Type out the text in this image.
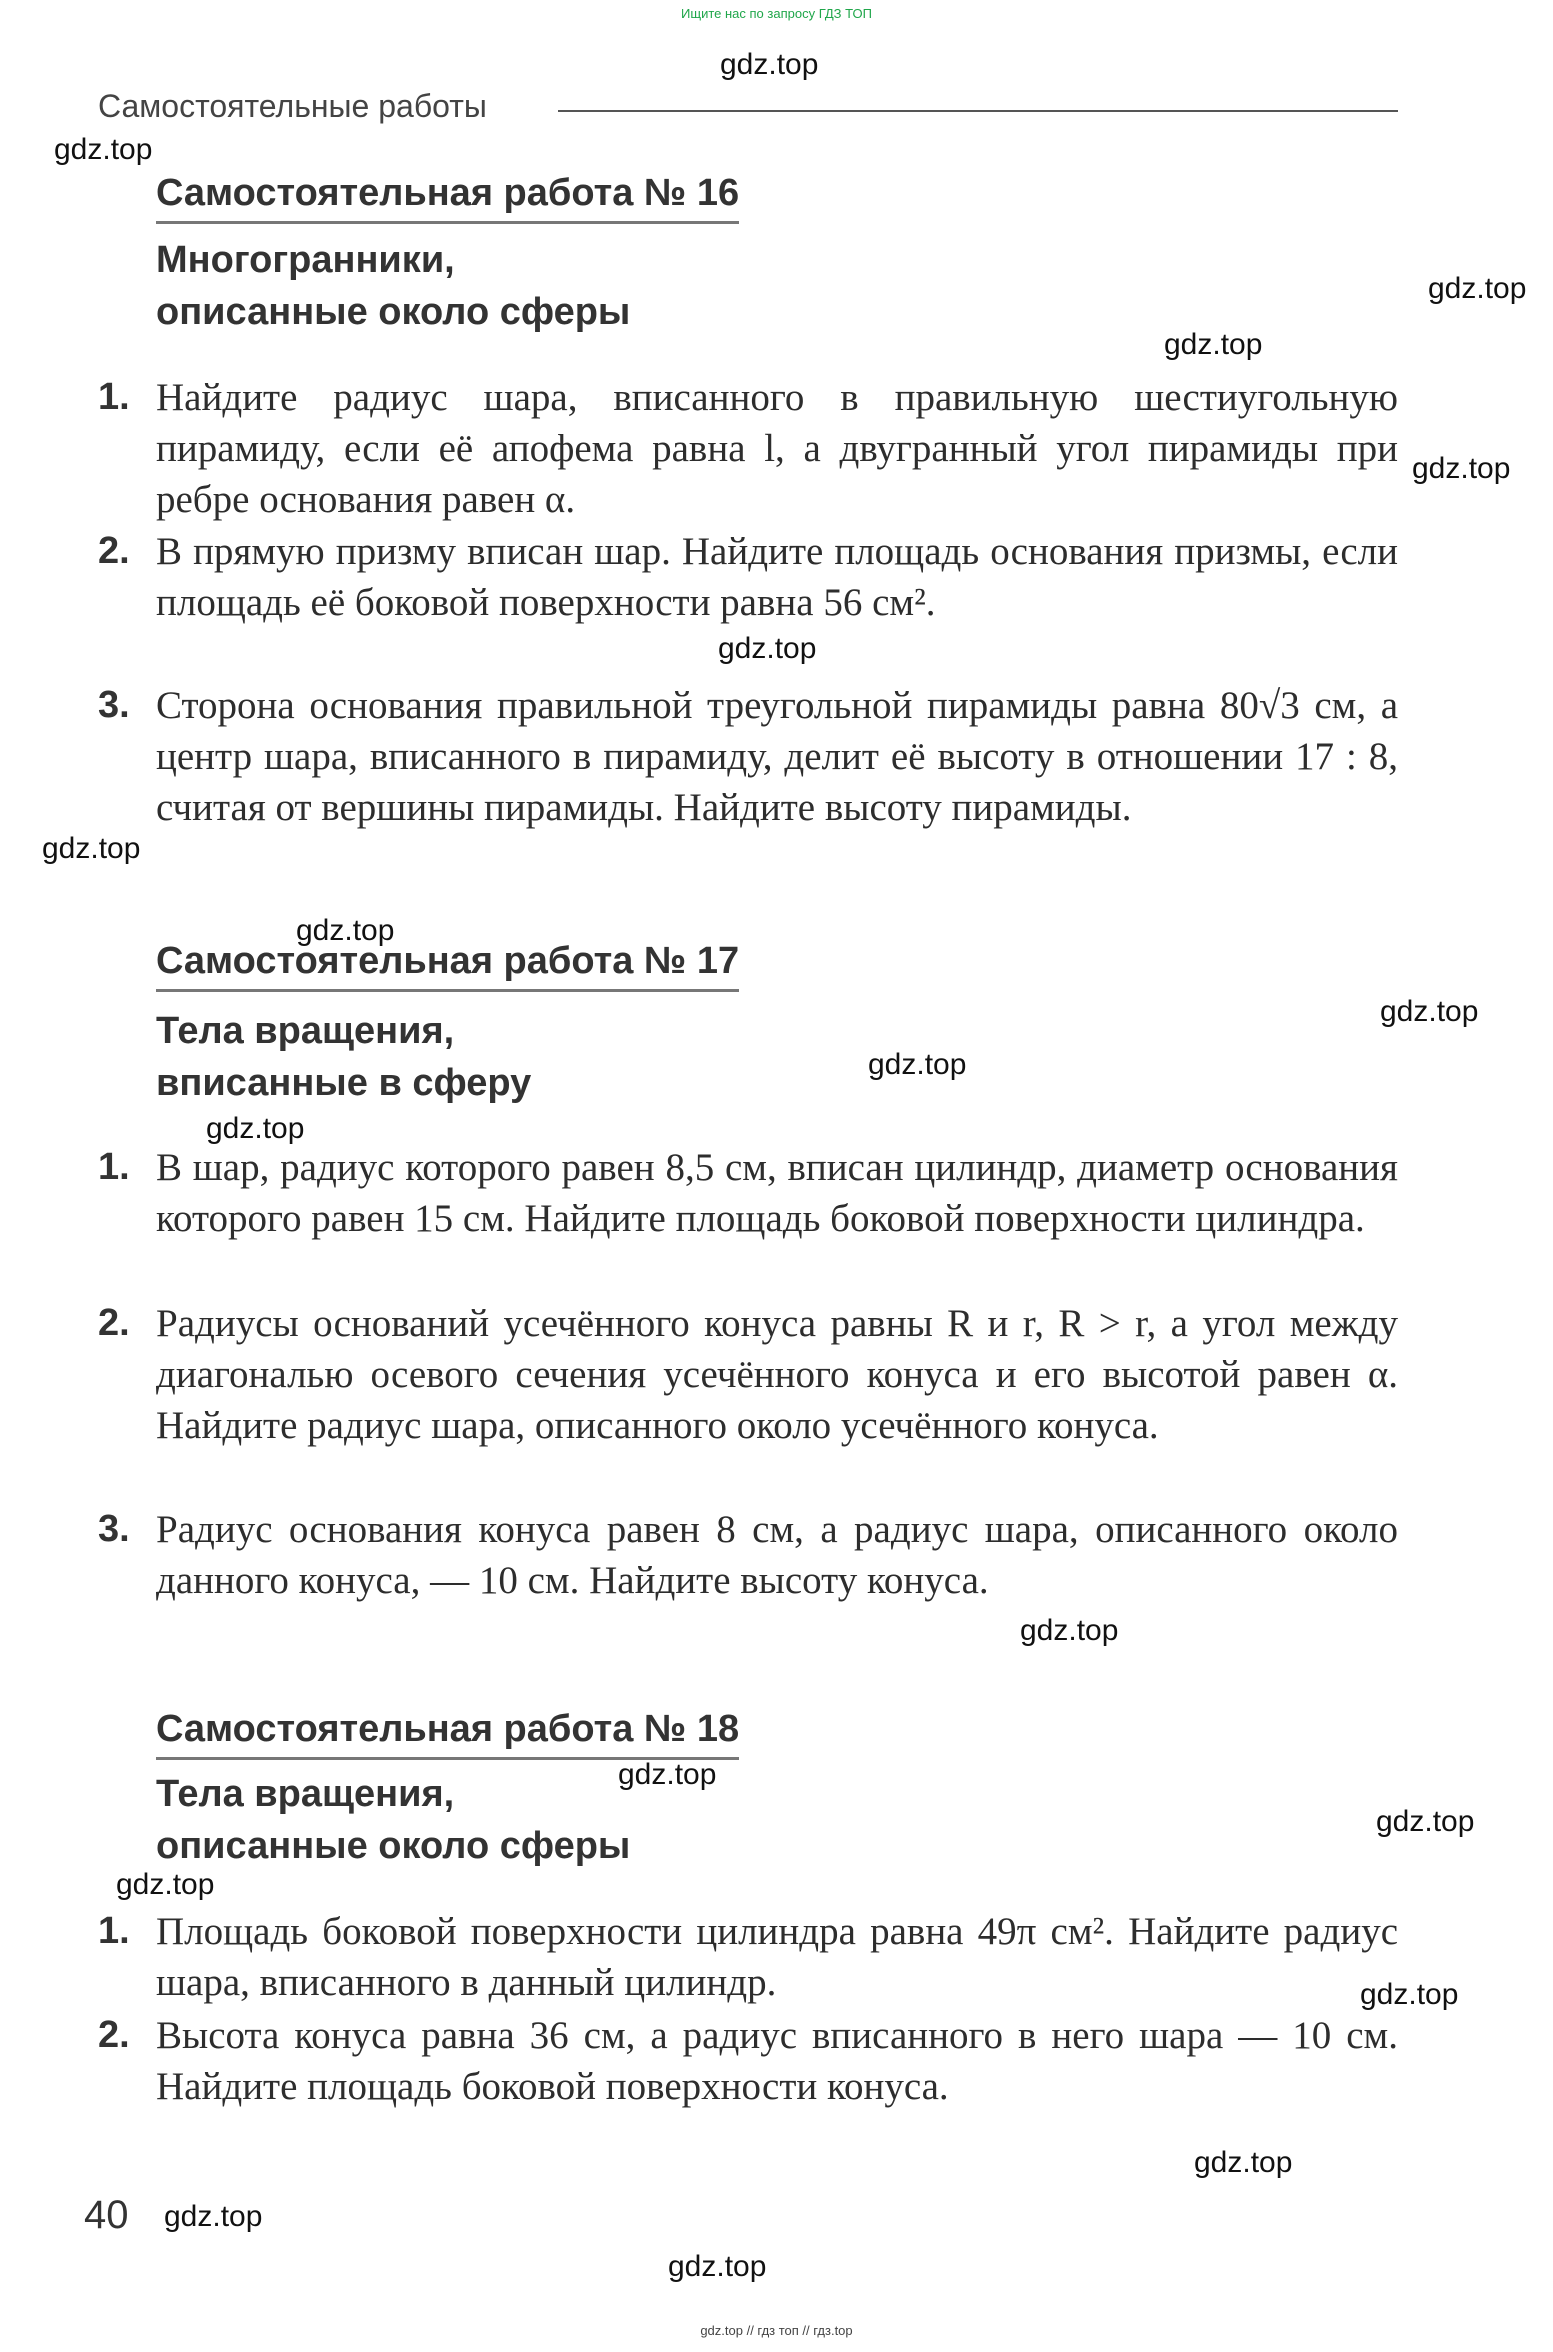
Ищите нас по запросу ГДЗ ТОП
gdz.top // гдз топ // гдз.top
Самостоятельные работы
Самостоятельная работа № 16
Многогранники,
описанные около сферы
1. Найдите радиус шара, вписанного в правильную шестиугольную пирамиду, если её апофема равна l, а двугранный угол пирамиды при ребре основания равен α.
2. В прямую призму вписан шар. Найдите площадь основания призмы, если площадь её боковой поверхности равна 56 см².
3. Сторона основания правильной треугольной пирамиды равна 80√3 см, а центр шара, вписанного в пирамиду, делит её высоту в отношении 17 : 8, считая от вершины пирамиды. Найдите высоту пирамиды.
Самостоятельная работа № 17
Тела вращения,
вписанные в сферу
1. В шар, радиус которого равен 8,5 см, вписан цилиндр, диаметр основания которого равен 15 см. Найдите площадь боковой поверхности цилиндра.
2. Радиусы оснований усечённого конуса равны R и r, R > r, а угол между диагональю осевого сечения усечённого конуса и его высотой равен α. Найдите радиус шара, описанного около усечённого конуса.
3. Радиус основания конуса равен 8 см, а радиус шара, описанного около данного конуса, — 10 см. Найдите высоту конуса.
Самостоятельная работа № 18
Тела вращения,
описанные около сферы
1. Площадь боковой поверхности цилиндра равна 49π см². Найдите радиус шара, вписанного в данный цилиндр.
2. Высота конуса равна 36 см, а радиус вписанного в него шара — 10 см. Найдите площадь боковой поверхности конуса.
40
gdz.top
gdz.top
gdz.top
gdz.top
gdz.top
gdz.top
gdz.top
gdz.top
gdz.top
gdz.top
gdz.top
gdz.top
gdz.top
gdz.top
gdz.top
gdz.top
gdz.top
gdz.top
gdz.top
